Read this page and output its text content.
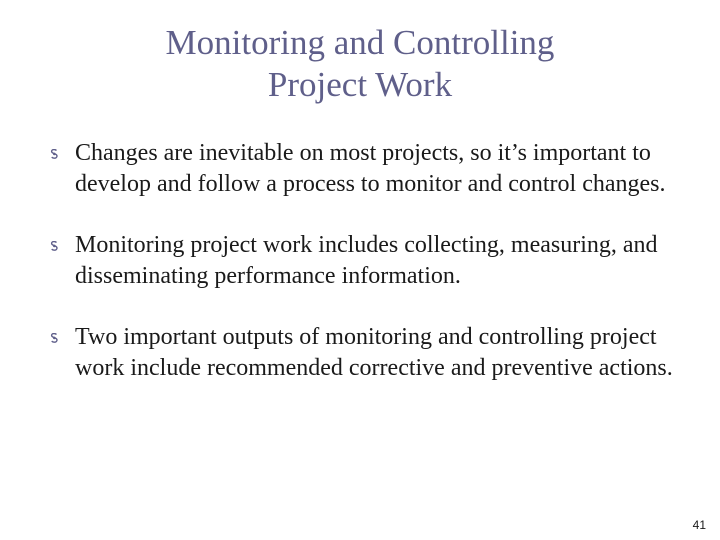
Monitoring and Controlling
Project Work
Changes are inevitable on most projects, so it’s important to develop and follow a process to monitor and control changes.
Monitoring project work includes collecting, measuring, and disseminating performance information.
Two important outputs of monitoring and controlling project work include recommended corrective and preventive actions.
41
